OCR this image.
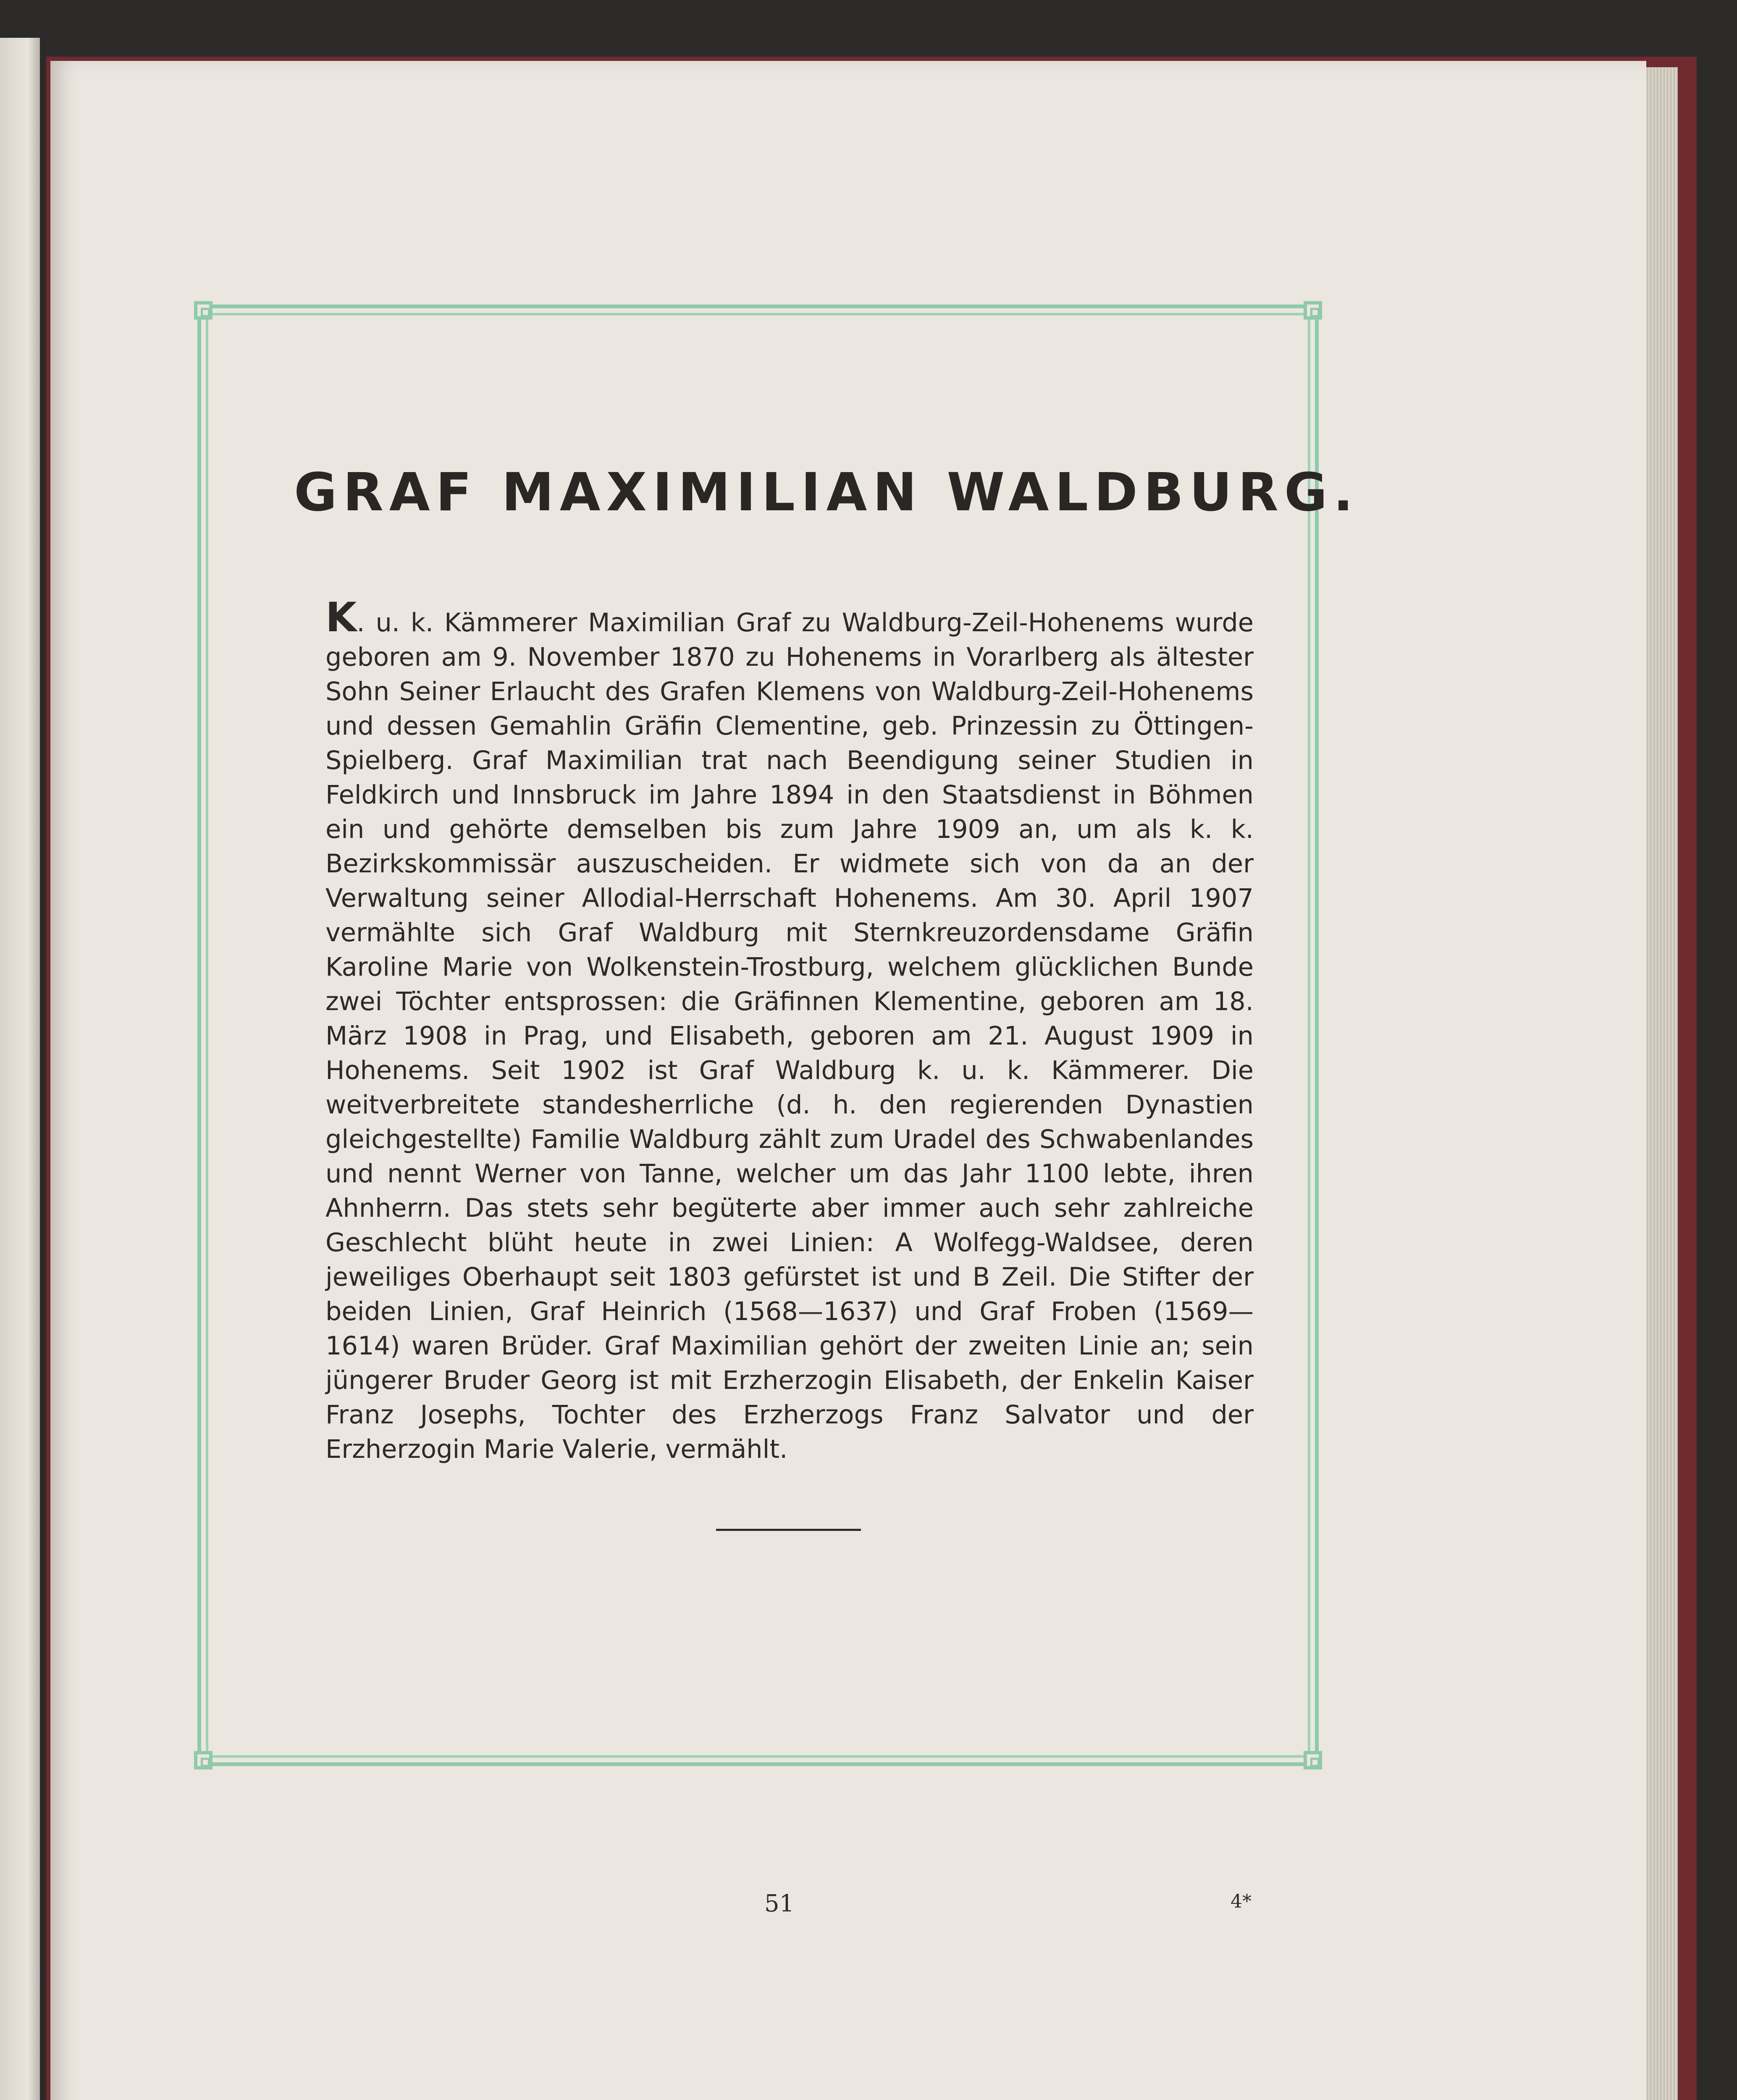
GRAF MAXIMILIAN WALDBURG.
K. u. k. Kämmerer Maximilian Graf zu Waldburg-Zeil-Hohenems wurde geboren am 9. November 1870 zu Hohenems in Vorarlberg als ältester Sohn Seiner Erlaucht des Grafen Klemens von Waldburg-Zeil-Hohenems und dessen Gemahlin Gräfin Clementine, geb. Prinzessin zu Öttingen-Spielberg. Graf Maximilian trat nach Beendigung seiner Studien in Feldkirch und Innsbruck im Jahre 1894 in den Staatsdienst in Böhmen ein und gehörte demselben bis zum Jahre 1909 an, um als k. k. Bezirkskommissär auszuscheiden. Er widmete sich von da an der Verwaltung seiner Allodial-Herrschaft Hohenems. Am 30. April 1907 vermählte sich Graf Waldburg mit Sternkreuzordensdame Gräfin Karoline Marie von Wolkenstein-Trostburg, welchem glücklichen Bunde zwei Töchter entsprossen: die Gräfinnen Klementine, geboren am 18. März 1908 in Prag, und Elisabeth, geboren am 21. August 1909 in Hohenems. Seit 1902 ist Graf Waldburg k. u. k. Kämmerer. Die weitverbreitete standesherrliche (d. h. den regierenden Dynastien gleichgestellte) Familie Waldburg zählt zum Uradel des Schwabenlandes und nennt Werner von Tanne, welcher um das Jahr 1100 lebte, ihren Ahnherrn. Das stets sehr begüterte aber immer auch sehr zahlreiche Geschlecht blüht heute in zwei Linien: A Wolfegg-Waldsee, deren jeweiliges Oberhaupt seit 1803 gefürstet ist und B Zeil. Die Stifter der beiden Linien, Graf Heinrich (1568—1637) und Graf Froben (1569—1614) waren Brüder. Graf Maximilian gehört der zweiten Linie an; sein jüngerer Bruder Georg ist mit Erzherzogin Elisabeth, der Enkelin Kaiser Franz Josephs, Tochter des Erzherzogs Franz Salvator und der Erzherzogin Marie Valerie, vermählt.
51	4*
